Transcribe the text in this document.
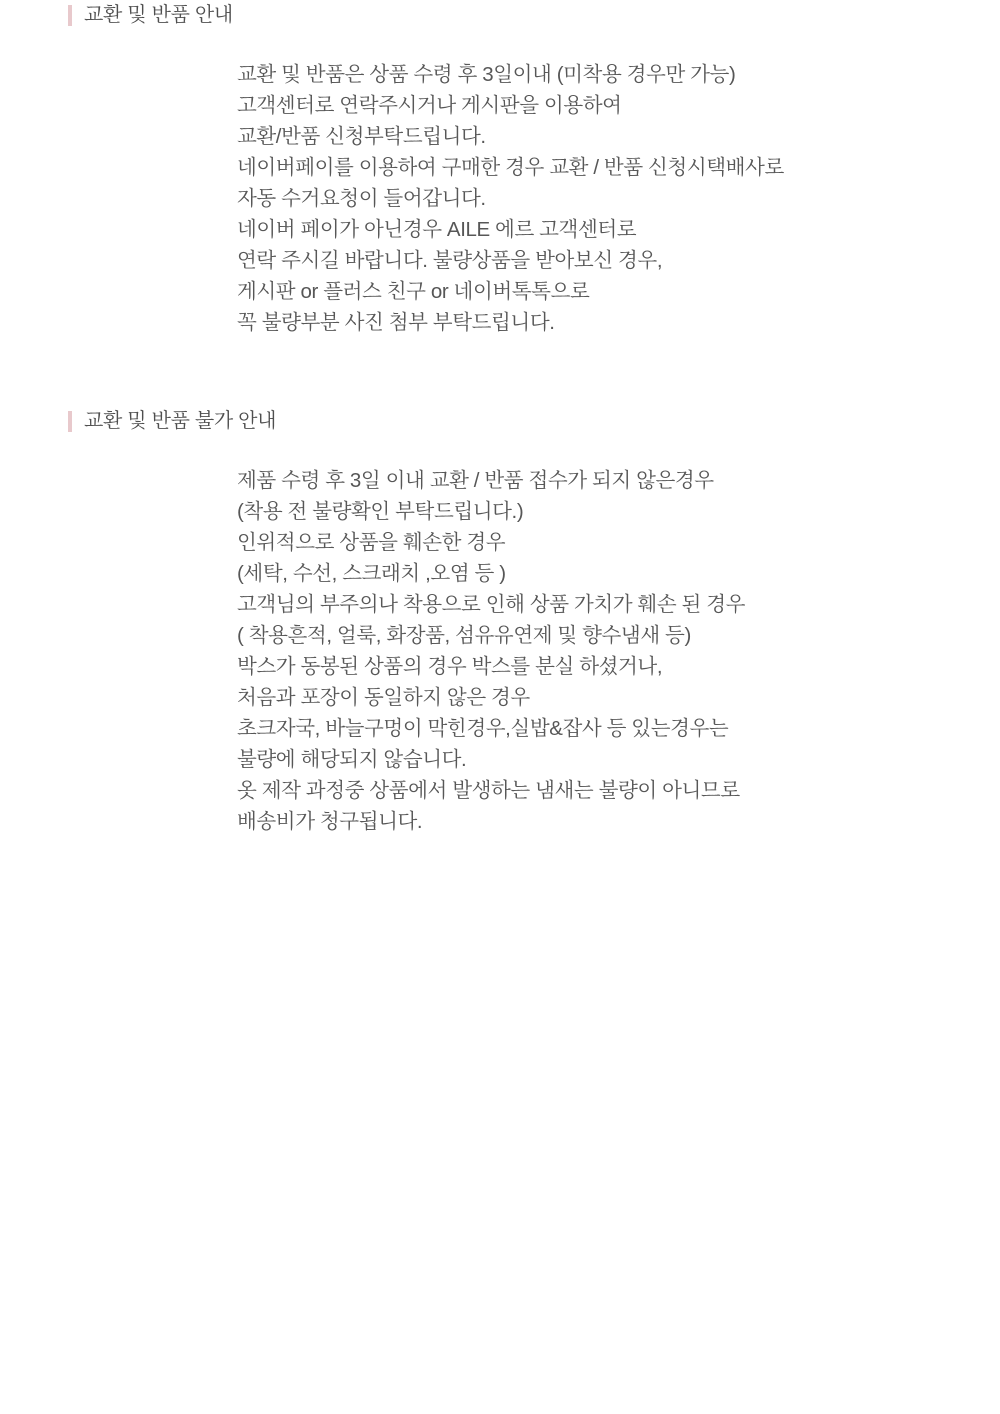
교환 및 반품 안내
교환 및 반품은 상품 수령 후 3일이내 (미착용 경우만 가능)
고객센터로 연락주시거나 게시판을 이용하여
교환/반품 신청부탁드립니다.
네이버페이를 이용하여 구매한 경우 교환 / 반품 신청시택배사로
자동 수거요청이 들어갑니다.
네이버 페이가 아닌경우 AILE 에르 고객센터로
연락 주시길 바랍니다. 불량상품을 받아보신 경우,
게시판 or 플러스 친구 or 네이버톡톡으로
꼭 불량부분 사진 첨부 부탁드립니다.
교환 및 반품 불가 안내
제품 수령 후 3일 이내 교환 / 반품 접수가 되지 않은경우
(착용 전 불량확인 부탁드립니다.)
인위적으로 상품을 훼손한 경우
(세탁, 수선, 스크래치 ,오염 등 )
고객님의 부주의나 착용으로 인해 상품 가치가 훼손 된 경우
( 착용흔적, 얼룩, 화장품, 섬유유연제 및 향수냄새 등)
박스가 동봉된 상품의 경우 박스를 분실 하셨거나,
처음과 포장이 동일하지 않은 경우
초크자국, 바늘구멍이 막힌경우,실밥&잡사 등 있는경우는
불량에 해당되지 않습니다.
옷 제작 과정중 상품에서 발생하는 냄새는 불량이 아니므로
배송비가 청구됩니다.
